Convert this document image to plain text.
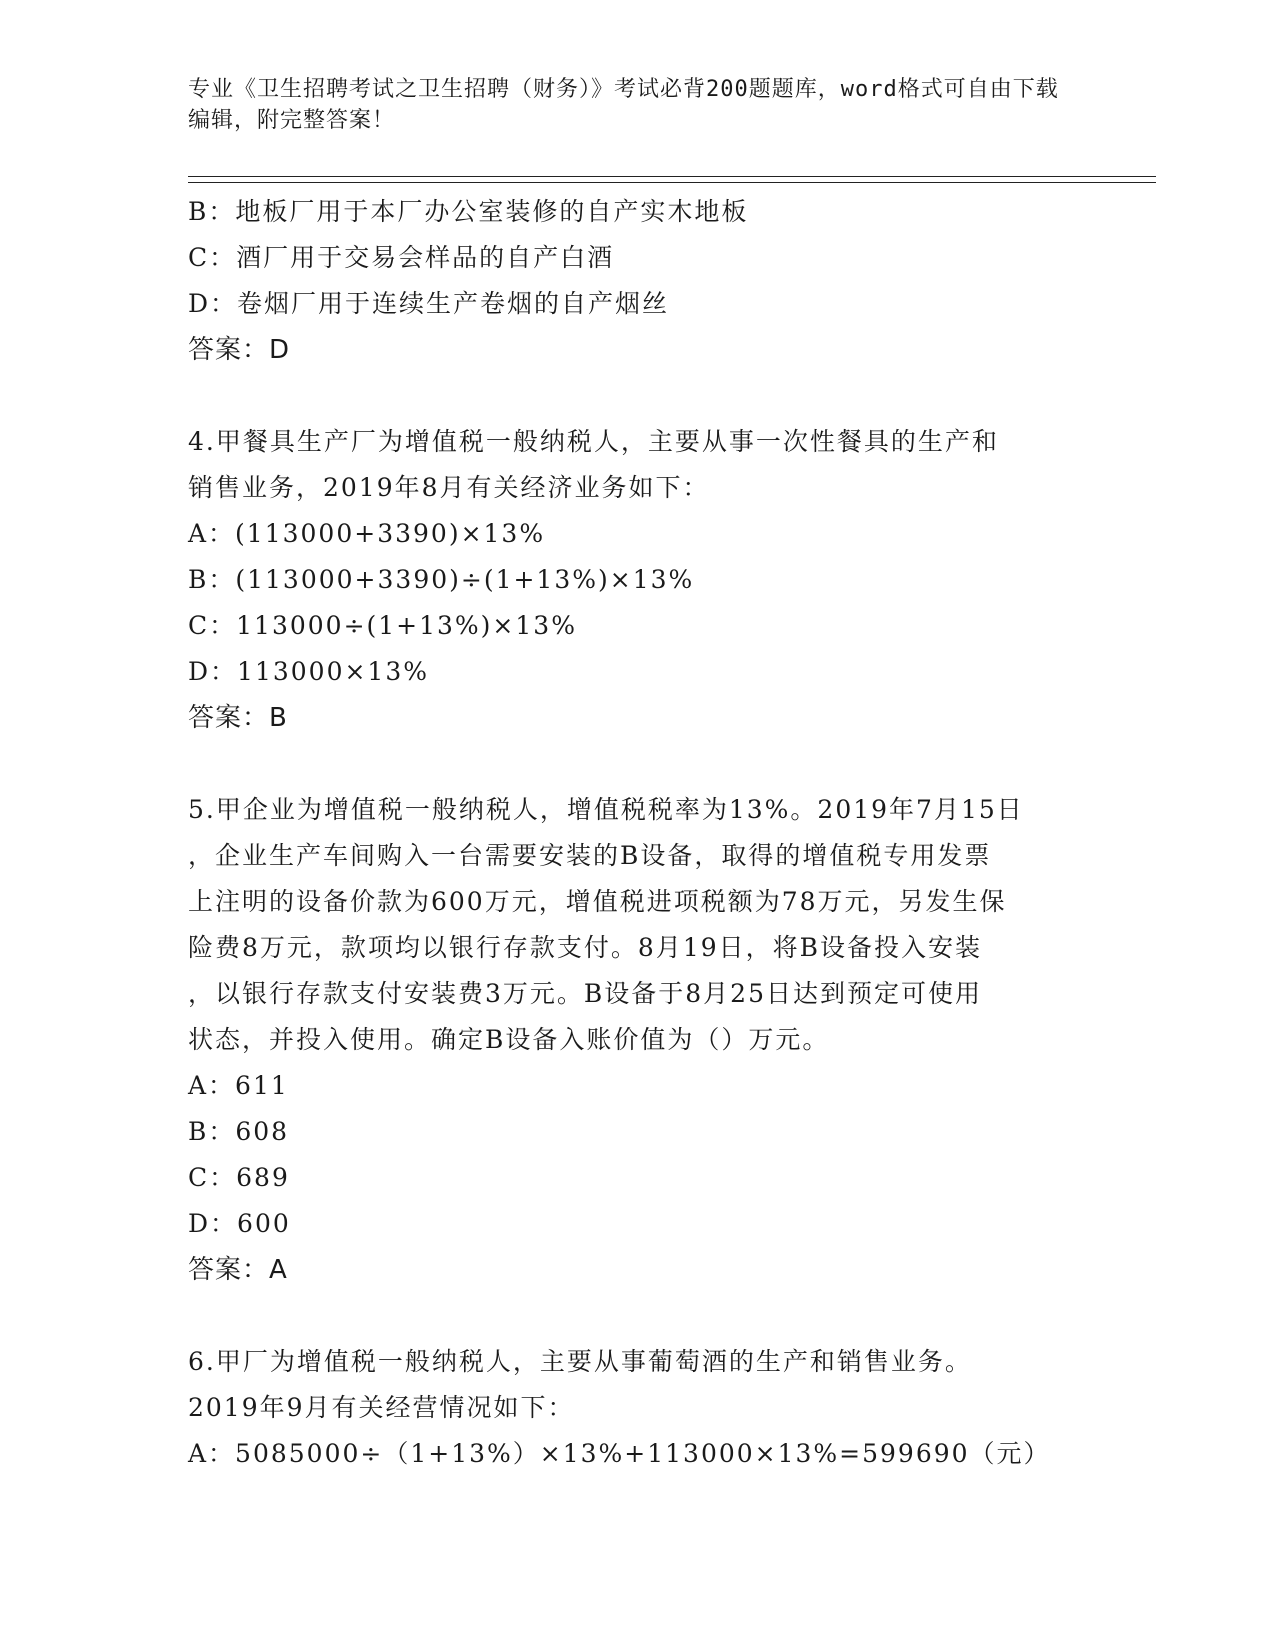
专业《卫生招聘考试之卫生招聘（财务）》考试必背200题题库，word格式可自由下载编辑，附完整答案！
B：地板厂用于本厂办公室装修的自产实木地板
C：酒厂用于交易会样品的自产白酒
D：卷烟厂用于连续生产卷烟的自产烟丝
答案：D
4.甲餐具生产厂为增值税一般纳税人，主要从事一次性餐具的生产和
销售业务，2019年8月有关经济业务如下：
A：(113000+3390)×13%
B：(113000+3390)÷(1+13%)×13%
C：113000÷(1+13%)×13%
D：113000×13%
答案：B
5.甲企业为增值税一般纳税人，增值税税率为13%。2019年7月15日
，企业生产车间购入一台需要安装的B设备，取得的增值税专用发票
上注明的设备价款为600万元，增值税进项税额为78万元，另发生保
险费8万元，款项均以银行存款支付。8月19日，将B设备投入安装
，以银行存款支付安装费3万元。B设备于8月25日达到预定可使用
状态，并投入使用。确定B设备入账价值为（）万元。
A：611
B：608
C：689
D：600
答案：A
6.甲厂为增值税一般纳税人，主要从事葡萄酒的生产和销售业务。
2019年9月有关经营情况如下：
A：5085000÷（1+13%）×13%+113000×13%=599690（元）
